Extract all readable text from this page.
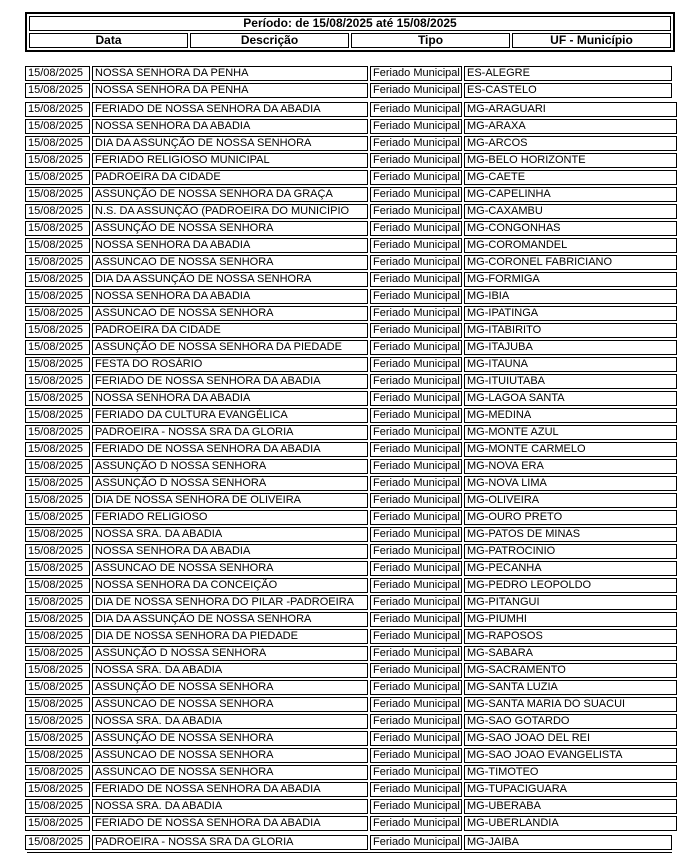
Período: de 15/08/2025 até 15/08/2025
Data	Descrição	Tipo	UF - Município
15/08/2025	NOSSA SENHORA DA PENHA	Feriado Municipal	ES-ALEGRE
15/08/2025	NOSSA SENHORA DA PENHA	Feriado Municipal	ES-CASTELO
15/08/2025	FERIADO DE NOSSA SENHORA DA ABADIA	Feriado Municipal	MG-ARAGUARI
15/08/2025	NOSSA SENHORA DA ABADIA	Feriado Municipal	MG-ARAXA
15/08/2025	DIA DA ASSUNÇÃO DE NOSSA SENHORA	Feriado Municipal	MG-ARCOS
15/08/2025	FERIADO RELIGIOSO MUNICIPAL	Feriado Municipal	MG-BELO HORIZONTE
15/08/2025	PADROEIRA DA CIDADE	Feriado Municipal	MG-CAETE
15/08/2025	ASSUNÇÃO DE NOSSA SENHORA DA GRAÇA	Feriado Municipal	MG-CAPELINHA
15/08/2025	N.S. DA ASSUNÇÃO (PADROEIRA DO MUNICÍPIO	Feriado Municipal	MG-CAXAMBU
15/08/2025	ASSUNÇÃO DE NOSSA SENHORA	Feriado Municipal	MG-CONGONHAS
15/08/2025	NOSSA SENHORA DA ABADIA	Feriado Municipal	MG-COROMANDEL
15/08/2025	ASSUNCAO DE NOSSA SENHORA	Feriado Municipal	MG-CORONEL FABRICIANO
15/08/2025	DIA DA ASSUNÇÃO DE NOSSA SENHORA	Feriado Municipal	MG-FORMIGA
15/08/2025	NOSSA SENHORA DA ABADIA	Feriado Municipal	MG-IBIA
15/08/2025	ASSUNCAO DE NOSSA SENHORA	Feriado Municipal	MG-IPATINGA
15/08/2025	PADROEIRA DA CIDADE	Feriado Municipal	MG-ITABIRITO
15/08/2025	ASSUNÇÃO DE NOSSA SENHORA DA PIEDADE	Feriado Municipal	MG-ITAJUBA
15/08/2025	FESTA DO ROSÁRIO	Feriado Municipal	MG-ITAUNA
15/08/2025	FERIADO DE NOSSA SENHORA DA ABADIA	Feriado Municipal	MG-ITUIUTABA
15/08/2025	NOSSA SENHORA DA ABADIA	Feriado Municipal	MG-LAGOA SANTA
15/08/2025	FERIADO DA CULTURA EVANGÉLICA	Feriado Municipal	MG-MEDINA
15/08/2025	PADROEIRA - NOSSA SRA DA GLORIA	Feriado Municipal	MG-MONTE AZUL
15/08/2025	FERIADO DE NOSSA SENHORA DA ABADIA	Feriado Municipal	MG-MONTE CARMELO
15/08/2025	ASSUNÇÃO D NOSSA SENHORA	Feriado Municipal	MG-NOVA ERA
15/08/2025	ASSUNÇÃO D NOSSA SENHORA	Feriado Municipal	MG-NOVA LIMA
15/08/2025	DIA DE NOSSA SENHORA DE OLIVEIRA	Feriado Municipal	MG-OLIVEIRA
15/08/2025	FERIADO RELIGIOSO	Feriado Municipal	MG-OURO PRETO
15/08/2025	NOSSA SRA. DA ABADIA	Feriado Municipal	MG-PATOS DE MINAS
15/08/2025	NOSSA SENHORA DA ABADIA	Feriado Municipal	MG-PATROCINIO
15/08/2025	ASSUNCAO DE NOSSA SENHORA	Feriado Municipal	MG-PECANHA
15/08/2025	NOSSA SENHORA DA CONCEIÇÃO	Feriado Municipal	MG-PEDRO LEOPOLDO
15/08/2025	DIA DE NOSSA SENHORA DO PILAR -PADROEIRA	Feriado Municipal	MG-PITANGUI
15/08/2025	DIA DA ASSUNÇÃO DE NOSSA SENHORA	Feriado Municipal	MG-PIUMHI
15/08/2025	DIA DE NOSSA SENHORA DA PIEDADE	Feriado Municipal	MG-RAPOSOS
15/08/2025	ASSUNÇÃO D NOSSA SENHORA	Feriado Municipal	MG-SABARA
15/08/2025	NOSSA SRA. DA ABADIA	Feriado Municipal	MG-SACRAMENTO
15/08/2025	ASSUNÇÃO DE NOSSA SENHORA	Feriado Municipal	MG-SANTA LUZIA
15/08/2025	ASSUNCAO DE NOSSA SENHORA	Feriado Municipal	MG-SANTA MARIA DO SUACUI
15/08/2025	NOSSA SRA. DA ABADIA	Feriado Municipal	MG-SAO GOTARDO
15/08/2025	ASSUNÇÃO DE NOSSA SENHORA	Feriado Municipal	MG-SAO JOAO DEL REI
15/08/2025	ASSUNCAO DE NOSSA SENHORA	Feriado Municipal	MG-SAO JOAO EVANGELISTA
15/08/2025	ASSUNCAO DE NOSSA SENHORA	Feriado Municipal	MG-TIMOTEO
15/08/2025	FERIADO DE NOSSA SENHORA DA ABADIA	Feriado Municipal	MG-TUPACIGUARA
15/08/2025	NOSSA SRA. DA ABADIA	Feriado Municipal	MG-UBERABA
15/08/2025	FERIADO DE NOSSA SENHORA DA ABADIA	Feriado Municipal	MG-UBERLANDIA
15/08/2025	PADROEIRA - NOSSA SRA DA GLORIA	Feriado Municipal	MG-JAIBA
